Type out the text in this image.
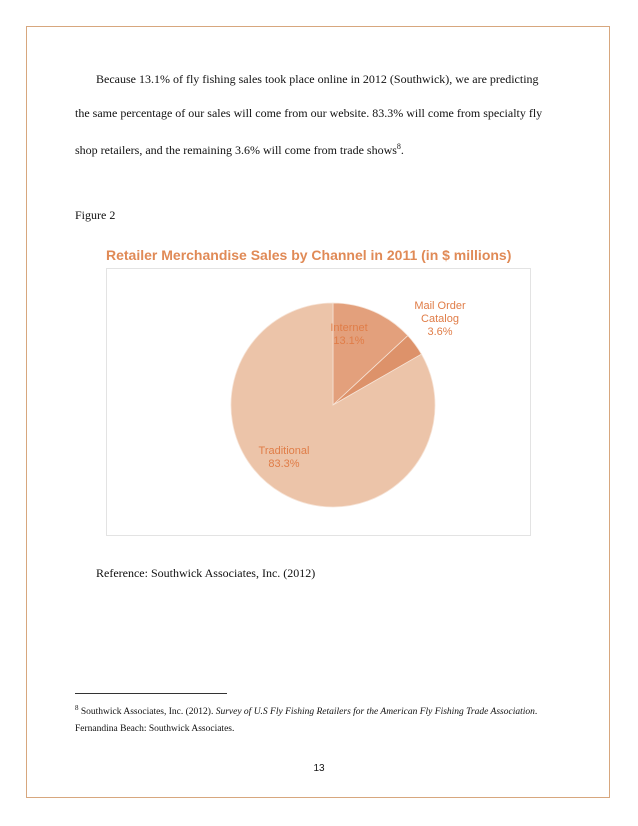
Because 13.1% of fly fishing sales took place online in 2012 (Southwick), we are predicting

the same percentage of our sales will come from our website. 83.3% will come from specialty fly

shop retailers, and the remaining 3.6% will come from trade shows$^8$.

Figure 2
Retailer Merchandise Sales by Channel in 2011 (in $ millions)
Internet 13.1%
Mail Order Catalog 3.6%
Traditional 83.3%
Reference: Southwick Associates, Inc. (2012)
$^8$ Southwick Associates, Inc. (2012). Survey of U.S Fly Fishing Retailers for the American Fly Fishing Trade Association. Fernandina Beach: Southwick Associates.
13
